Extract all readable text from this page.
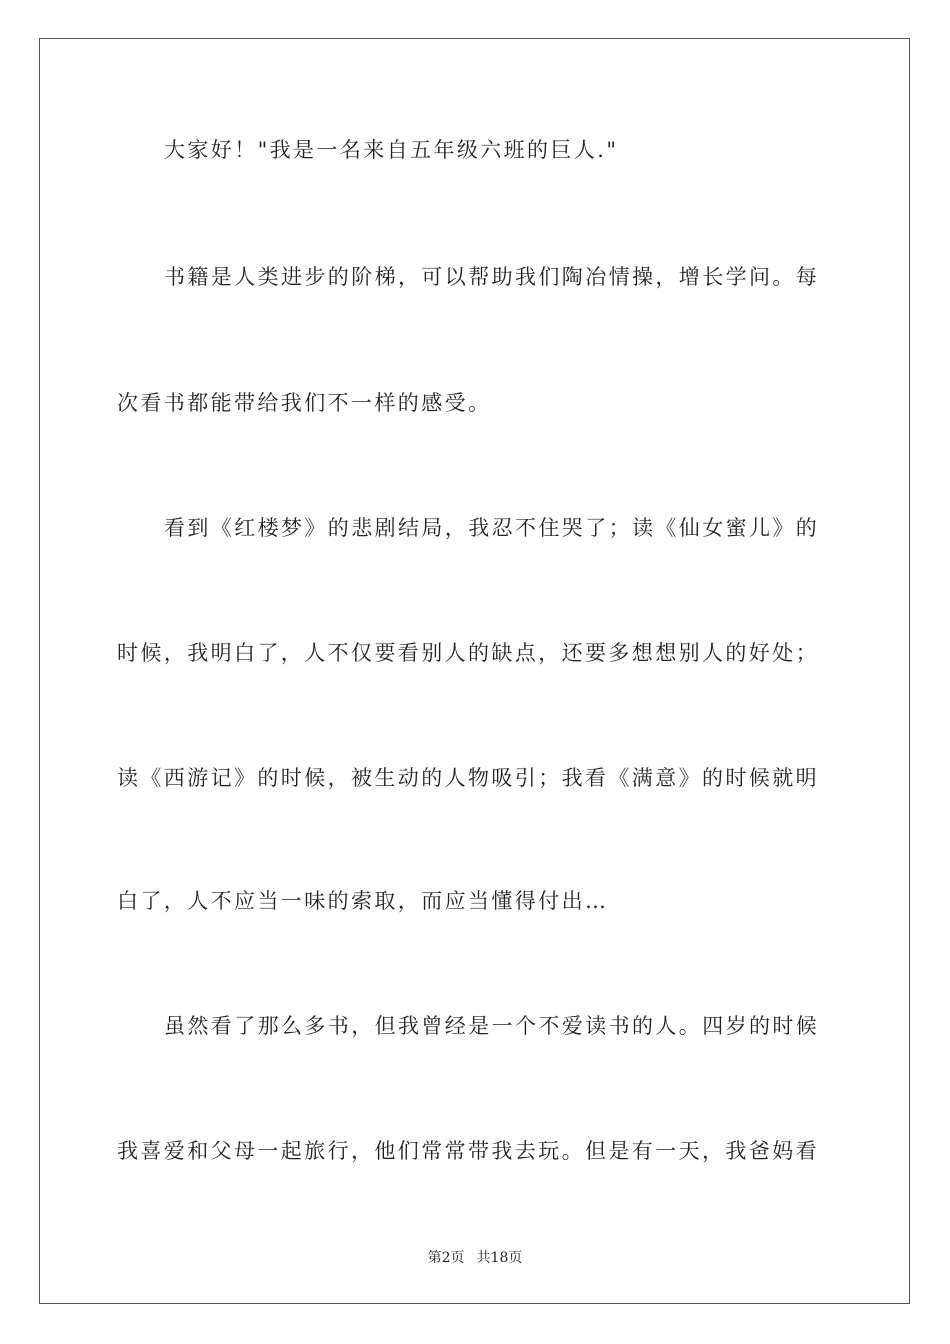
大家好！"我是一名来自五年级六班的巨人."
书籍是人类进步的阶梯，可以帮助我们陶冶情操，增长学问。每
次看书都能带给我们不一样的感受。
看到《红楼梦》的悲剧结局，我忍不住哭了；读《仙女蜜儿》的
时候，我明白了，人不仅要看别人的缺点，还要多想想别人的好处；
读《西游记》的时候，被生动的人物吸引；我看《满意》的时候就明
白了，人不应当一味的索取，而应当懂得付出…
虽然看了那么多书，但我曾经是一个不爱读书的人。四岁的时候
我喜爱和父母一起旅行，他们常常带我去玩。但是有一天，我爸妈看
第2页 共18页
